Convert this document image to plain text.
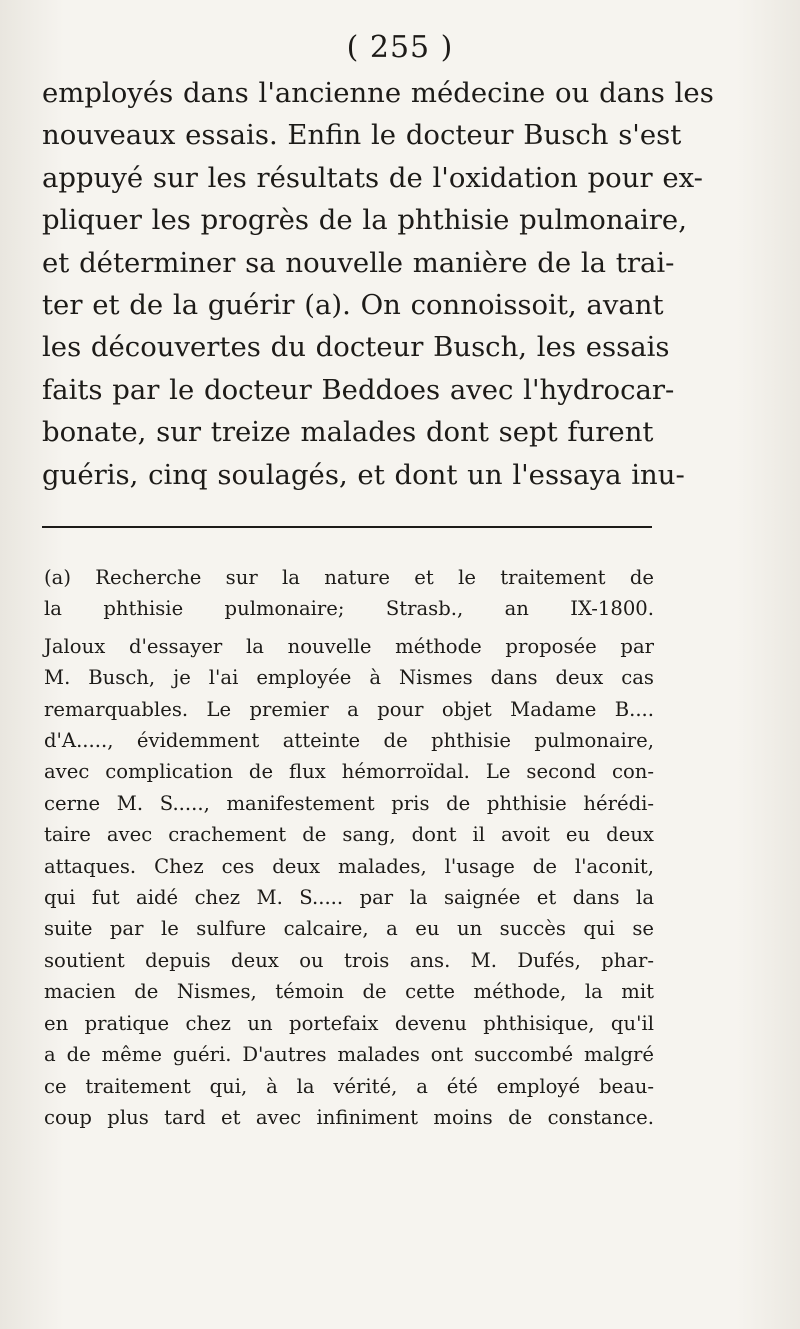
( 255 )
employés dans l'ancienne médecine ou dans les
nouveaux essais. Enfin le docteur Busch s'est
appuyé sur les résultats de l'oxidation pour ex-
pliquer les progrès de la phthisie pulmonaire,
et déterminer sa nouvelle manière de la trai-
ter et de la guérir (a). On connoissoit, avant
les découvertes du docteur Busch, les essais
faits par le docteur Beddoes avec l'hydrocar-
bonate, sur treize malades dont sept furent
guéris, cinq soulagés, et dont un l'essaya inu-
(a) Recherche sur la nature et le traitement de
la phthisie pulmonaire; Strasb., an IX-1800.
Jaloux d'essayer la nouvelle méthode proposée par
M. Busch, je l'ai employée à Nismes dans deux cas
remarquables. Le premier a pour objet Madame B....
d'A....., évidemment atteinte de phthisie pulmonaire,
avec complication de flux hémorroïdal. Le second con-
cerne M. S....., manifestement pris de phthisie hérédi-
taire avec crachement de sang, dont il avoit eu deux
attaques. Chez ces deux malades, l'usage de l'aconit,
qui fut aidé chez M. S..... par la saignée et dans la
suite par le sulfure calcaire, a eu un succès qui se
soutient depuis deux ou trois ans. M. Dufés, phar-
macien de Nismes, témoin de cette méthode, la mit
en pratique chez un portefaix devenu phthisique, qu'il
a de même guéri. D'autres malades ont succombé malgré
ce traitement qui, à la vérité, a été employé beau-
coup plus tard et avec infiniment moins de constance.
